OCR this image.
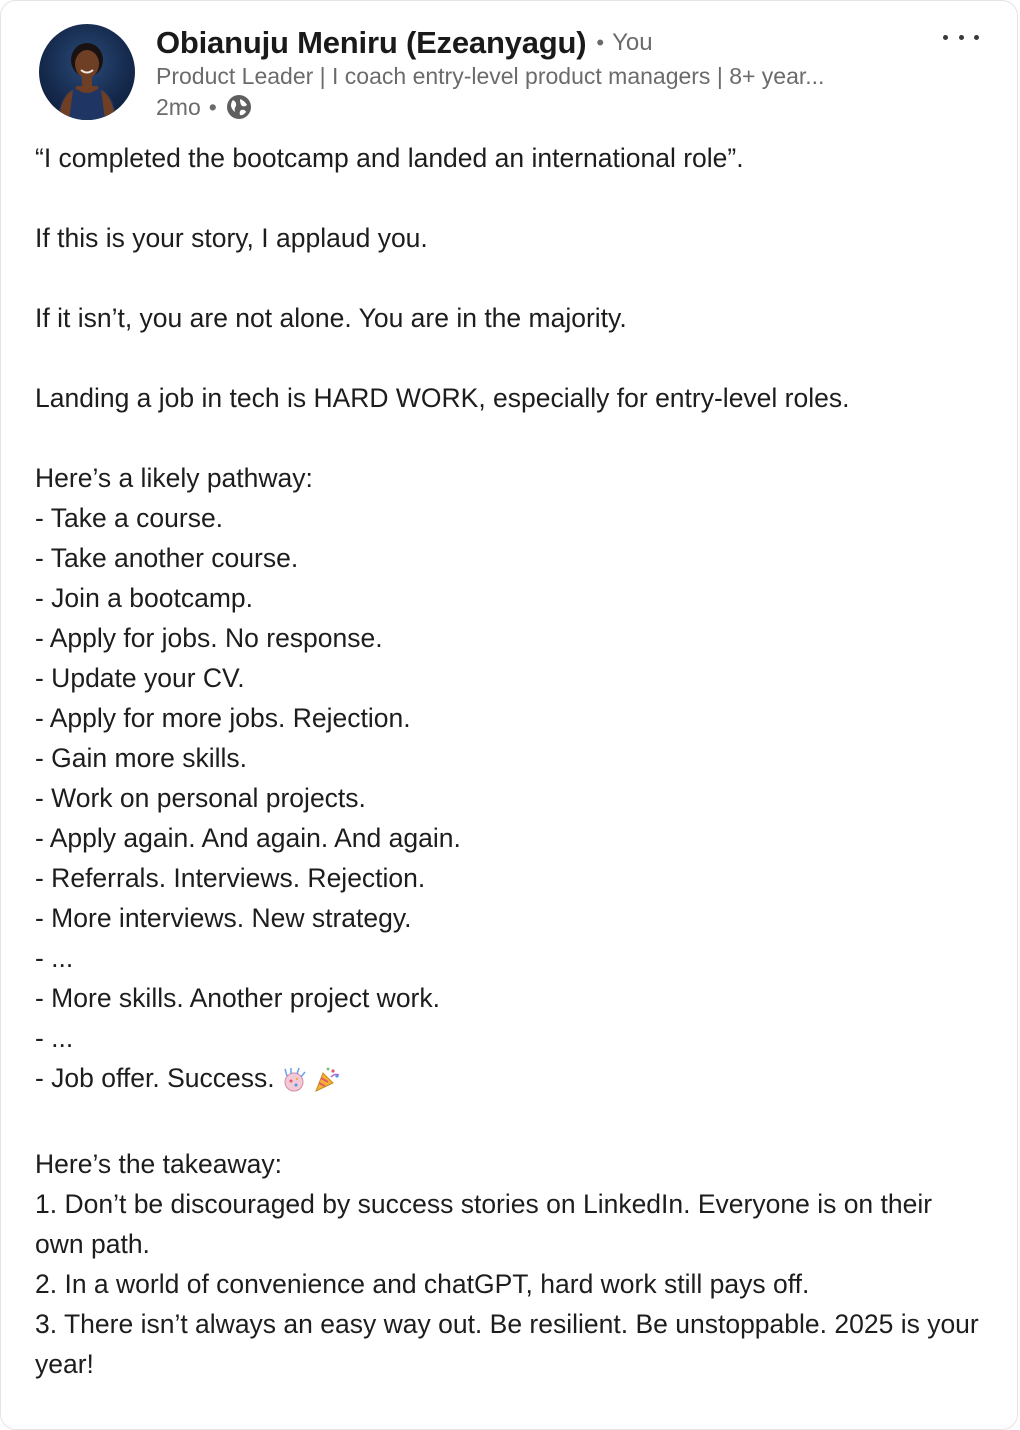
Obianuju Meniru (Ezeanyagu) • You
Product Leader | I coach entry-level product managers | 8+ year...
2mo •

“I completed the bootcamp and landed an international role”.

If this is your story, I applaud you.

If it isn’t, you are not alone. You are in the majority.

Landing a job in tech is HARD WORK, especially for entry-level roles.

Here’s a likely pathway:

- Take a course.

- Take another course.

- Join a bootcamp.

- Apply for jobs. No response.

- Update your CV.

- Apply for more jobs. Rejection.

- Gain more skills.

- Work on personal projects.

- Apply again. And again. And again.

- Referrals. Interviews. Rejection.

- More interviews. New strategy.

- ...

- More skills. Another project work.

- ...

- Job offer. Success.

Here’s the takeaway:

1. Don’t be discouraged by success stories on LinkedIn. Everyone is on their own path.

2. In a world of convenience and chatGPT, hard work still pays off.

3. There isn’t always an easy way out. Be resilient. Be unstoppable. 2025 is your year!
